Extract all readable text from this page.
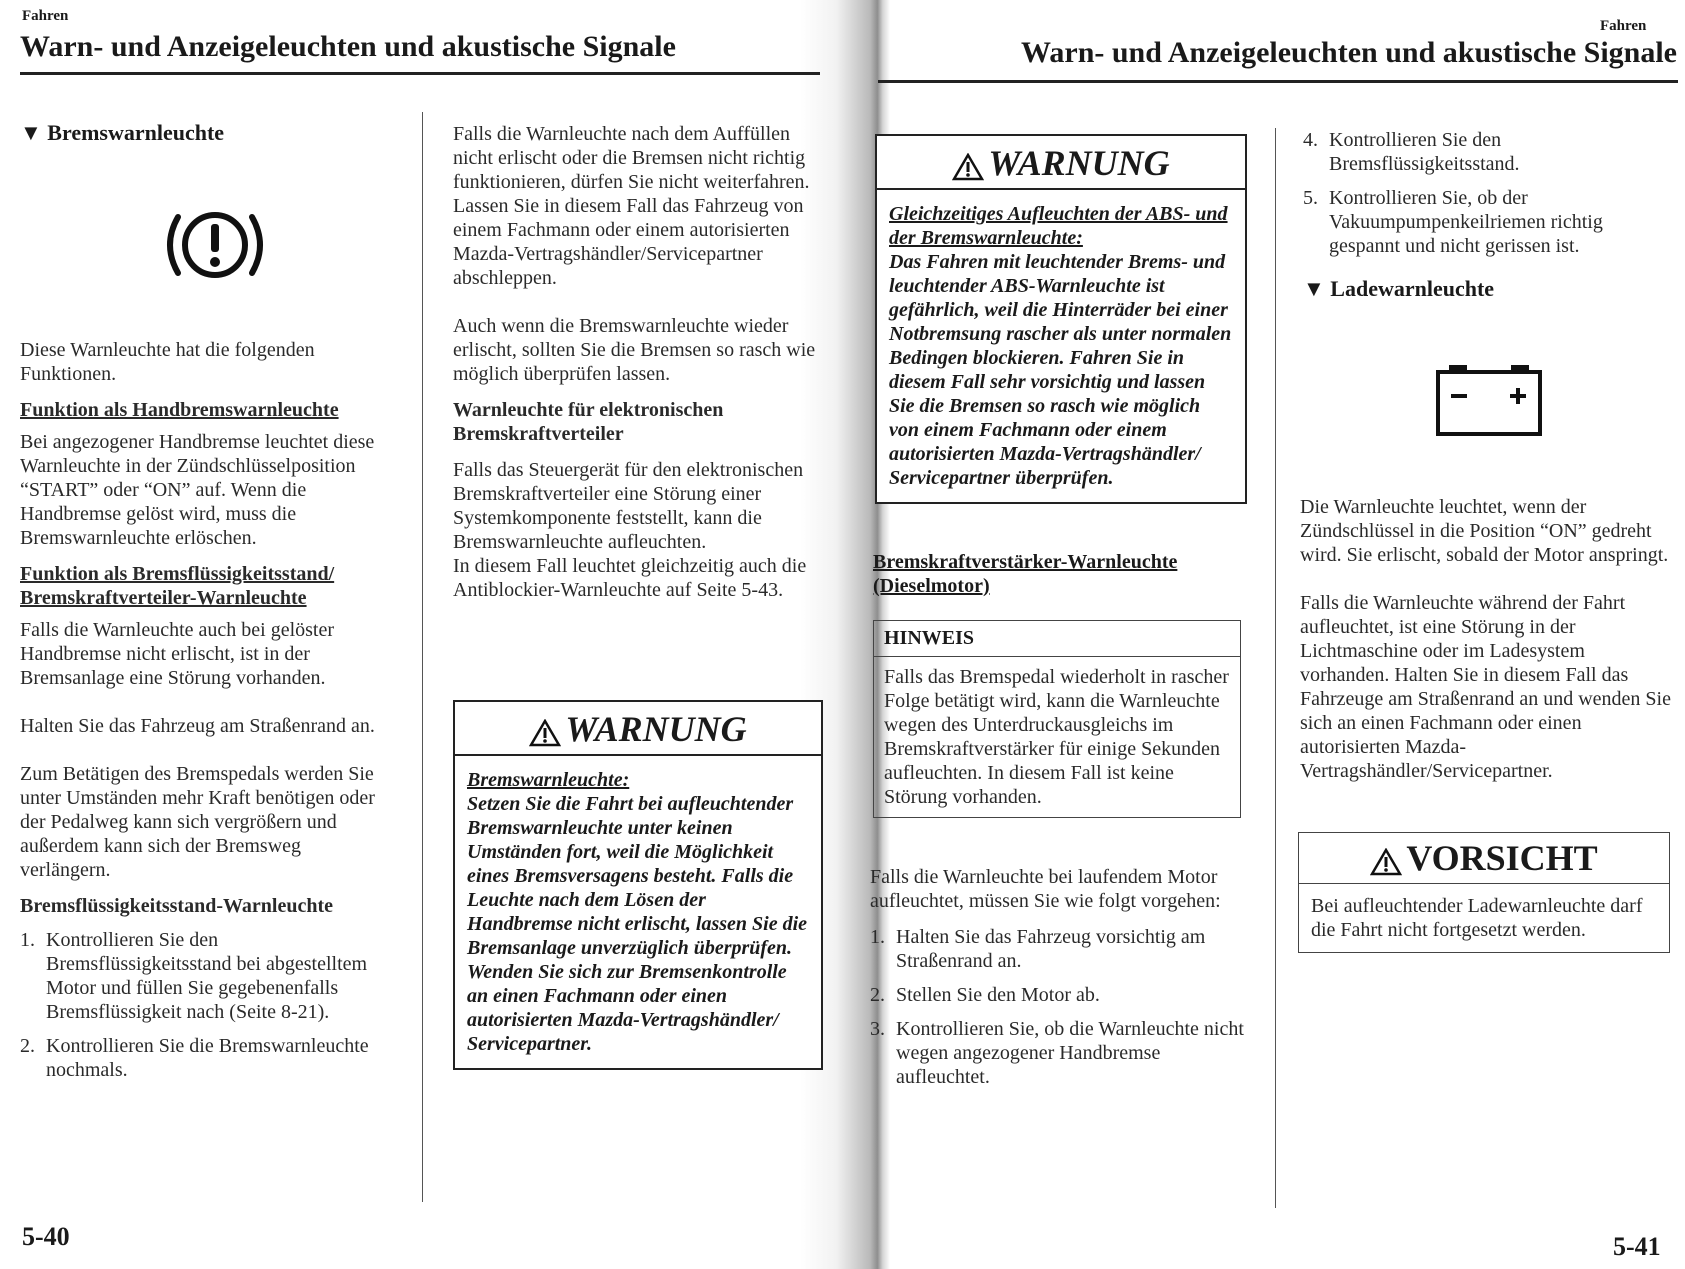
Fahren
Warn- und Anzeigeleuchten und akustische Signale
▼ Bremswarnleuchte

Diese Warnleuchte hat die folgenden Funktionen.

Funktion als Handbremswarnleuchte

Bei angezogener Handbremse leuchtet diese Warnleuchte in der Zündschlüsselposition “START” oder “ON” auf. Wenn die Handbremse gelöst wird, muss die Bremswarnleuchte erlöschen.

Funktion als Bremsflüssigkeitsstand/ Bremskraftverteiler-Warnleuchte

Falls die Warnleuchte auch bei gelöster Handbremse nicht erlischt, ist in der Bremsanlage eine Störung vorhanden.

Halten Sie das Fahrzeug am Straßenrand an.

Zum Betätigen des Bremspedals werden Sie unter Umständen mehr Kraft benötigen oder der Pedalweg kann sich vergrößern und außerdem kann sich der Bremsweg verlängern.

Bremsflüssigkeitsstand-Warnleuchte
1. Kontrollieren Sie den Bremsflüssigkeitsstand bei abgestelltem Motor und füllen Sie gegebenenfalls Bremsflüssigkeit nach (Seite 8-21).
2. Kontrollieren Sie die Bremswarnleuchte nochmals.

Falls die Warnleuchte nach dem Auffüllen nicht erlischt oder die Bremsen nicht richtig funktionieren, dürfen Sie nicht weiterfahren. Lassen Sie in diesem Fall das Fahrzeug von einem Fachmann oder einem autorisierten Mazda-Vertragshändler/Servicepartner abschleppen.

Auch wenn die Bremswarnleuchte wieder erlischt, sollten Sie die Bremsen so rasch wie möglich überprüfen lassen.

Warnleuchte für elektronischen Bremskraftverteiler

Falls das Steuergerät für den elektronischen Bremskraftverteiler eine Störung einer Systemkomponente feststellt, kann die Bremswarnleuchte aufleuchten.

In diesem Fall leuchtet gleichzeitig auch die Antiblockier-Warnleuchte auf Seite 5-43.

WARNUNG
Bremswarnleuchte:
Setzen Sie die Fahrt bei aufleuchtender Bremswarnleuchte unter keinen Umständen fort, weil die Möglichkeit eines Bremsversagens besteht. Falls die Leuchte nach dem Lösen der Handbremse nicht erlischt, lassen Sie die Bremsanlage unverzüglich überprüfen. Wenden Sie sich zur Bremsenkontrolle an einen Fachmann oder einen autorisierten Mazda-Vertragshändler/ Servicepartner.
5-40
Fahren
Warn- und Anzeigeleuchten und akustische Signale
WARNUNG
Gleichzeitiges Aufleuchten der ABS- und der Bremswarnleuchte:
Das Fahren mit leuchtender Brems- und leuchtender ABS-Warnleuchte ist gefährlich, weil die Hinterräder bei einer Notbremsung rascher als unter normalen Bedingen blockieren. Fahren Sie in diesem Fall sehr vorsichtig und lassen Sie die Bremsen so rasch wie möglich von einem Fachmann oder einem autorisierten Mazda-Vertragshändler/ Servicepartner überprüfen.
Bremskraftverstärker-Warnleuchte (Dieselmotor)
HINWEIS
Falls das Bremspedal wiederholt in rascher Folge betätigt wird, kann die Warnleuchte wegen des Unterdruckausgleichs im Bremskraftverstärker für einige Sekunden aufleuchten. In diesem Fall ist keine Störung vorhanden.

Falls die Warnleuchte bei laufendem Motor aufleuchtet, müssen Sie wie folgt vorgehen:

1. Halten Sie das Fahrzeug vorsichtig am Straßenrand an.
2. Stellen Sie den Motor ab.
3. Kontrollieren Sie, ob die Warnleuchte nicht wegen angezogener Handbremse aufleuchtet.
4. Kontrollieren Sie den Bremsflüssigkeitsstand.
5. Kontrollieren Sie, ob der Vakuumpumpenkeilriemen richtig gespannt und nicht gerissen ist.
▼ Ladewarnleuchte

Die Warnleuchte leuchtet, wenn der Zündschlüssel in die Position “ON” gedreht wird. Sie erlischt, sobald der Motor anspringt.

Falls die Warnleuchte während der Fahrt aufleuchtet, ist eine Störung in der Lichtmaschine oder im Ladesystem vorhanden. Halten Sie in diesem Fall das Fahrzeuge am Straßenrand an und wenden Sie sich an einen Fachmann oder einen autorisierten Mazda-Vertragshändler/Servicepartner.

VORSICHT
Bei aufleuchtender Ladewarnleuchte darf die Fahrt nicht fortgesetzt werden.
5-41
